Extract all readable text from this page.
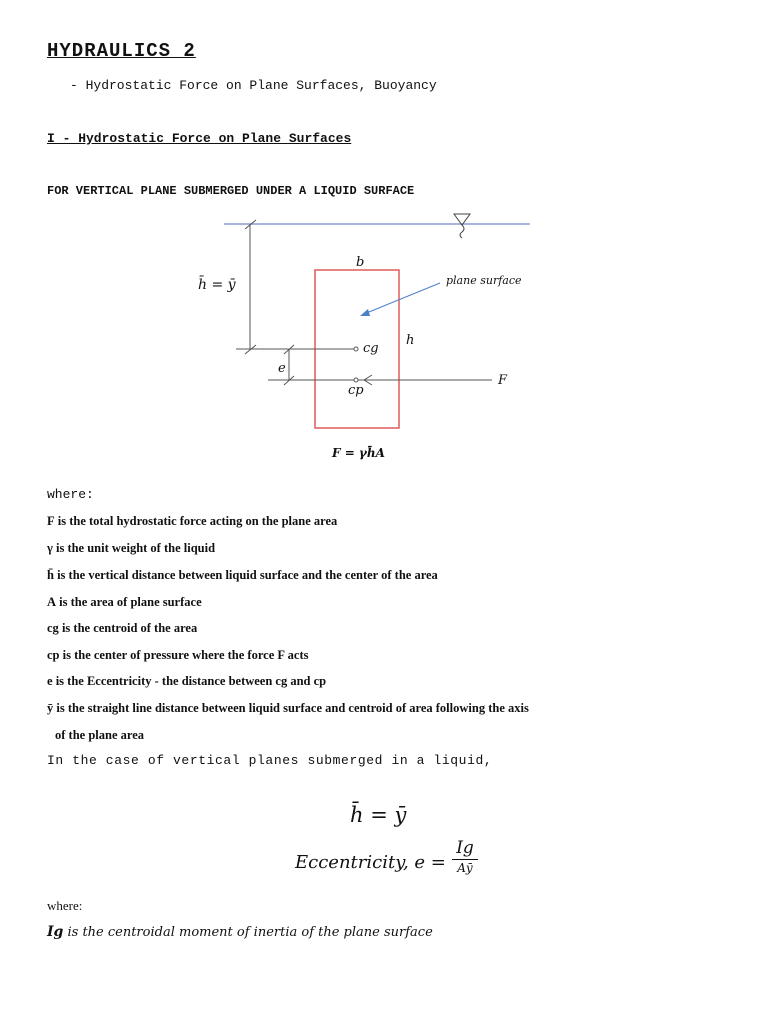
HYDRAULICS 2
- Hydrostatic Force on Plane Surfaces, Buoyancy
I - Hydrostatic Force on Plane Surfaces
FOR VERTICAL PLANE SUBMERGED UNDER A LIQUID SURFACE
h̄ = ȳ
b
plane surface
cg
h
e
cp
F
F = γh̄A
where:
F is the total hydrostatic force acting on the plane area
γ is the unit weight of the liquid
h̄ is the vertical distance between liquid surface and the center of the area
A is the area of plane surface
cg is the centroid of the area
cp is the center of pressure where the force F acts
e is the Eccentricity - the distance between cg and cp
ȳ is the straight line distance between liquid surface and centroid of area following the axis
of the plane area
In the case of vertical planes submerged in a liquid,
h̄ = ȳ
Eccentricity, e =
Ig
Aȳ
where:
Ig is the centroidal moment of inertia of the plane surface
